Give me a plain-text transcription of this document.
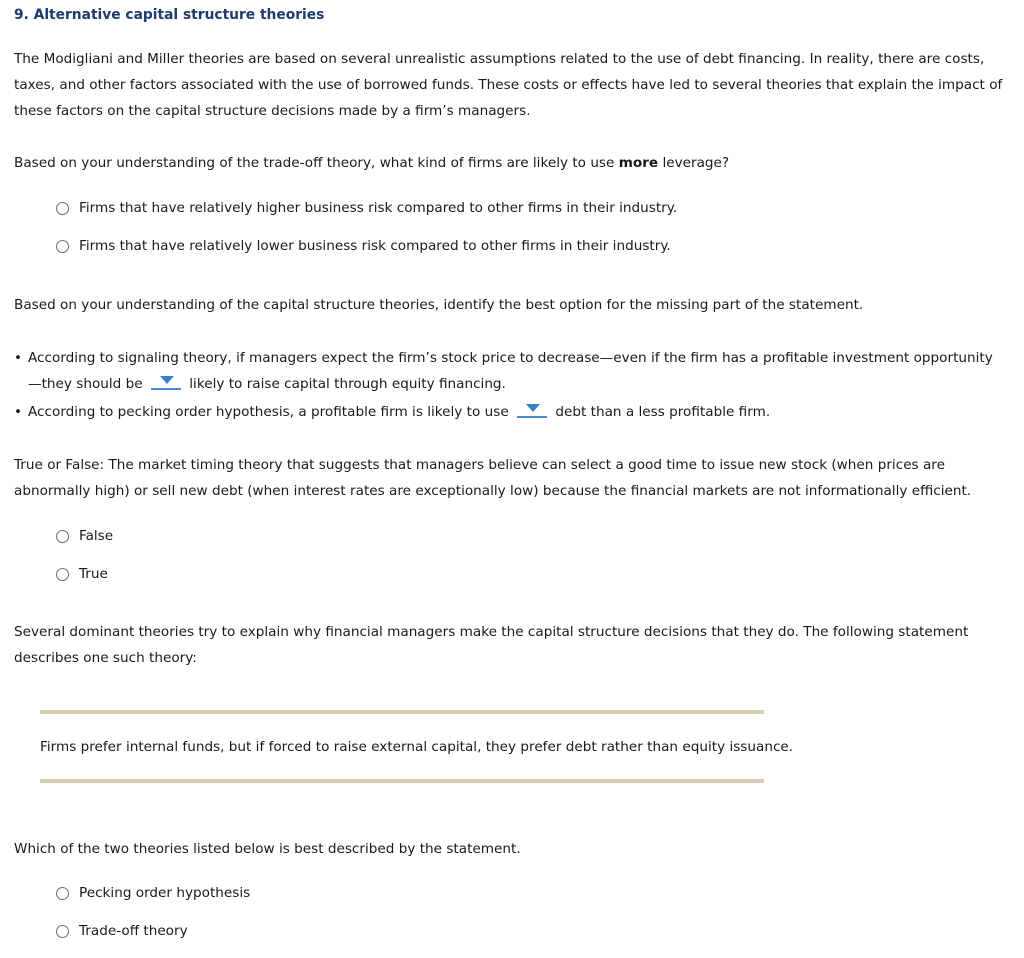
9. Alternative capital structure theories
The Modigliani and Miller theories are based on several unrealistic assumptions related to the use of debt financing. In reality, there are costs, taxes, and other factors associated with the use of borrowed funds. These costs or effects have led to several theories that explain the impact of these factors on the capital structure decisions made by a firm’s managers.
Based on your understanding of the trade-off theory, what kind of firms are likely to use more leverage?
Firms that have relatively higher business risk compared to other firms in their industry.
Firms that have relatively lower business risk compared to other firms in their industry.
Based on your understanding of the capital structure theories, identify the best option for the missing part of the statement.
• According to signaling theory, if managers expect the firm’s stock price to decrease—even if the firm has a profitable investment opportunity—they should be	likely to raise capital through equity financing.
• According to pecking order hypothesis, a profitable firm is likely to use	debt than a less profitable firm.
True or False: The market timing theory that suggests that managers believe can select a good time to issue new stock (when prices are abnormally high) or sell new debt (when interest rates are exceptionally low) because the financial markets are not informationally efficient.
False
True
Several dominant theories try to explain why financial managers make the capital structure decisions that they do. The following statement describes one such theory:
Firms prefer internal funds, but if forced to raise external capital, they prefer debt rather than equity issuance.
Which of the two theories listed below is best described by the statement.
Pecking order hypothesis
Trade-off theory
